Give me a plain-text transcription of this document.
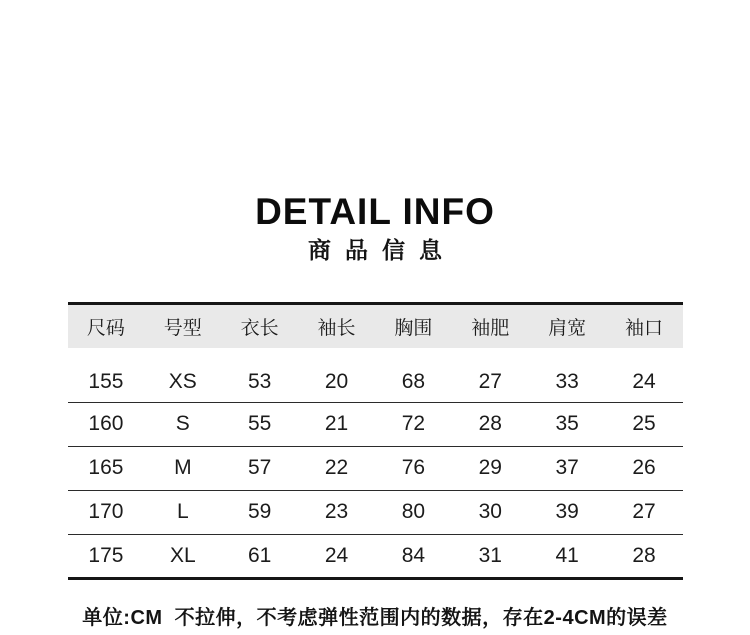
DETAIL INFO
商品信息
尺码	号型	衣长	袖长	胸围	袖肥	肩宽	袖口
155	XS	53	20	68	27	33	24
160	S	55	21	72	28	35	25
165	M	57	22	76	29	37	26
170	L	59	23	80	30	39	27
175	XL	61	24	84	31	41	28
单位:CM  不拉伸，不考虑弹性范围内的数据，存在2-4CM的误差
